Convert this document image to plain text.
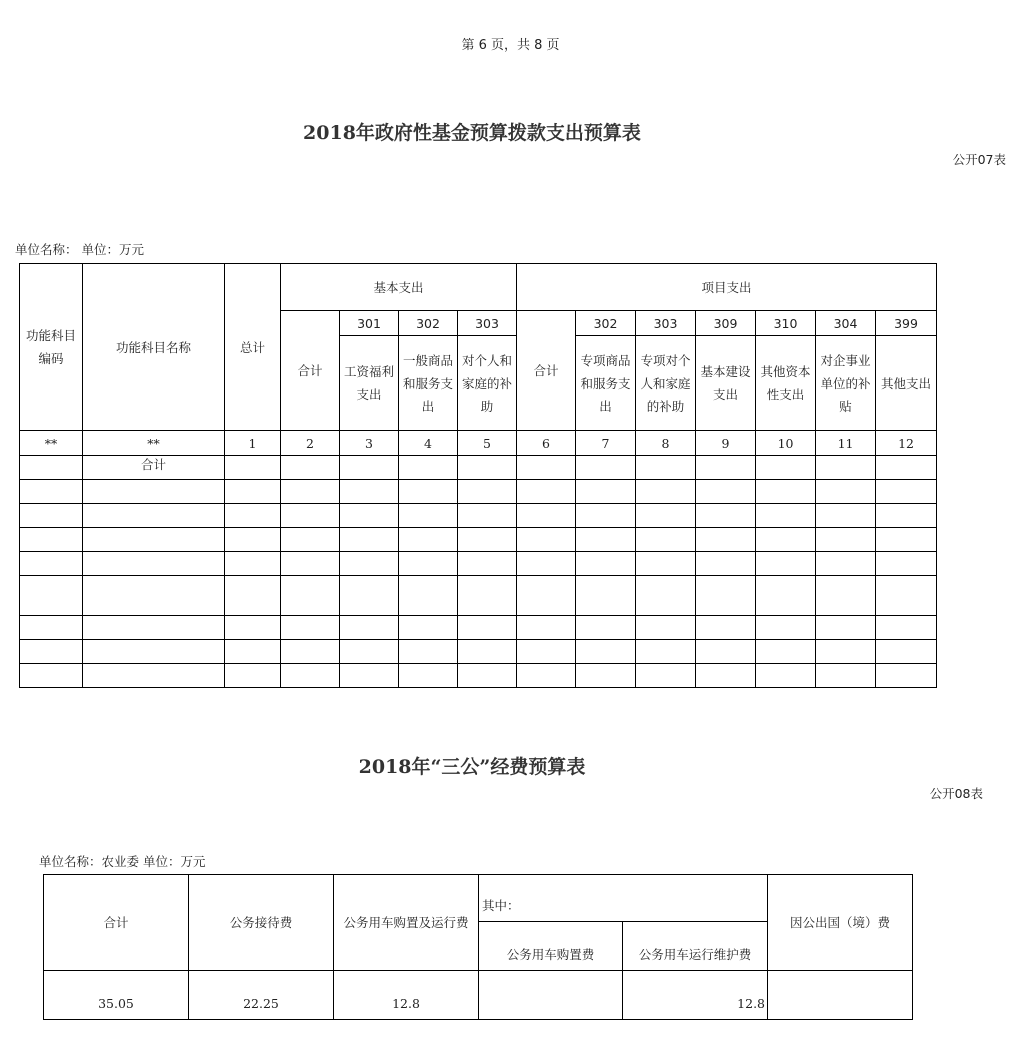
第 6 页，共 8 页
2018年政府性基金预算拨款支出预算表
公开07表
单位名称： 单位：万元
功能科目编码	功能科目名称	总计	基本支出				项目支出						
			合计	301	302	303	合计	302	303	309	310	304	399
				工资福利支出	一般商品和服务支出	对个人和家庭的补助		专项商品和服务支出	专项对个人和家庭的补助	基本建设支出	其他资本性支出	对企事业单位的补贴	其他支出
**	**	1	2	3	4	5	6	7	8	9	10	11	12
	合计												

2018年“三公”经费预算表
公开08表
单位名称：农业委 单位：万元
合计	公务接待费	公务用车购置及运行费	其中：		因公出国（境）费
			公务用车购置费	公务用车运行维护费	
35.05	22.25	12.8		12.8	
